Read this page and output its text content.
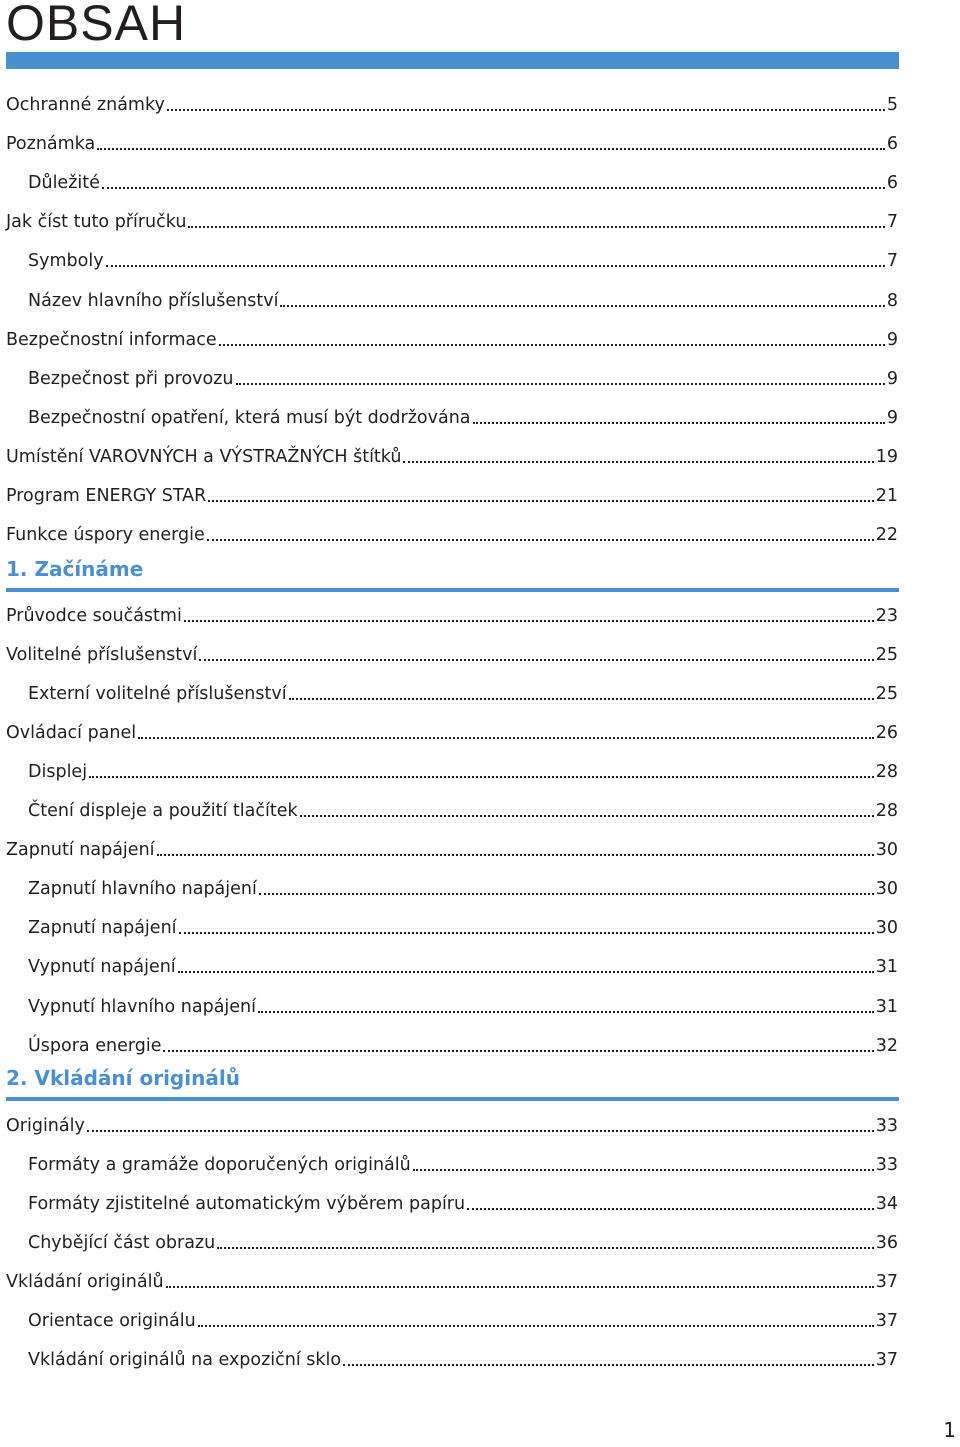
OBSAH
Ochranné známky	5
Poznámka	6
Důležité	6
Jak číst tuto příručku	7
Symboly	7
Název hlavního příslušenství	8
Bezpečnostní informace	9
Bezpečnost při provozu	9
Bezpečnostní opatření, která musí být dodržována	9
Umístění VAROVNÝCH a VÝSTRAŽNÝCH štítků	19
Program ENERGY STAR	21
Funkce úspory energie	22
1. Začínáme
Průvodce součástmi	23
Volitelné příslušenství	25
Externí volitelné příslušenství	25
Ovládací panel	26
Displej	28
Čtení displeje a použití tlačítek	28
Zapnutí napájení	30
Zapnutí hlavního napájení	30
Zapnutí napájení	30
Vypnutí napájení	31
Vypnutí hlavního napájení	31
Úspora energie	32
2. Vkládání originálů
Originály	33
Formáty a gramáže doporučených originálů	33
Formáty zjistitelné automatickým výběrem papíru	34
Chybějící část obrazu	36
Vkládání originálů	37
Orientace originálu	37
Vkládání originálů na expoziční sklo	37
1
